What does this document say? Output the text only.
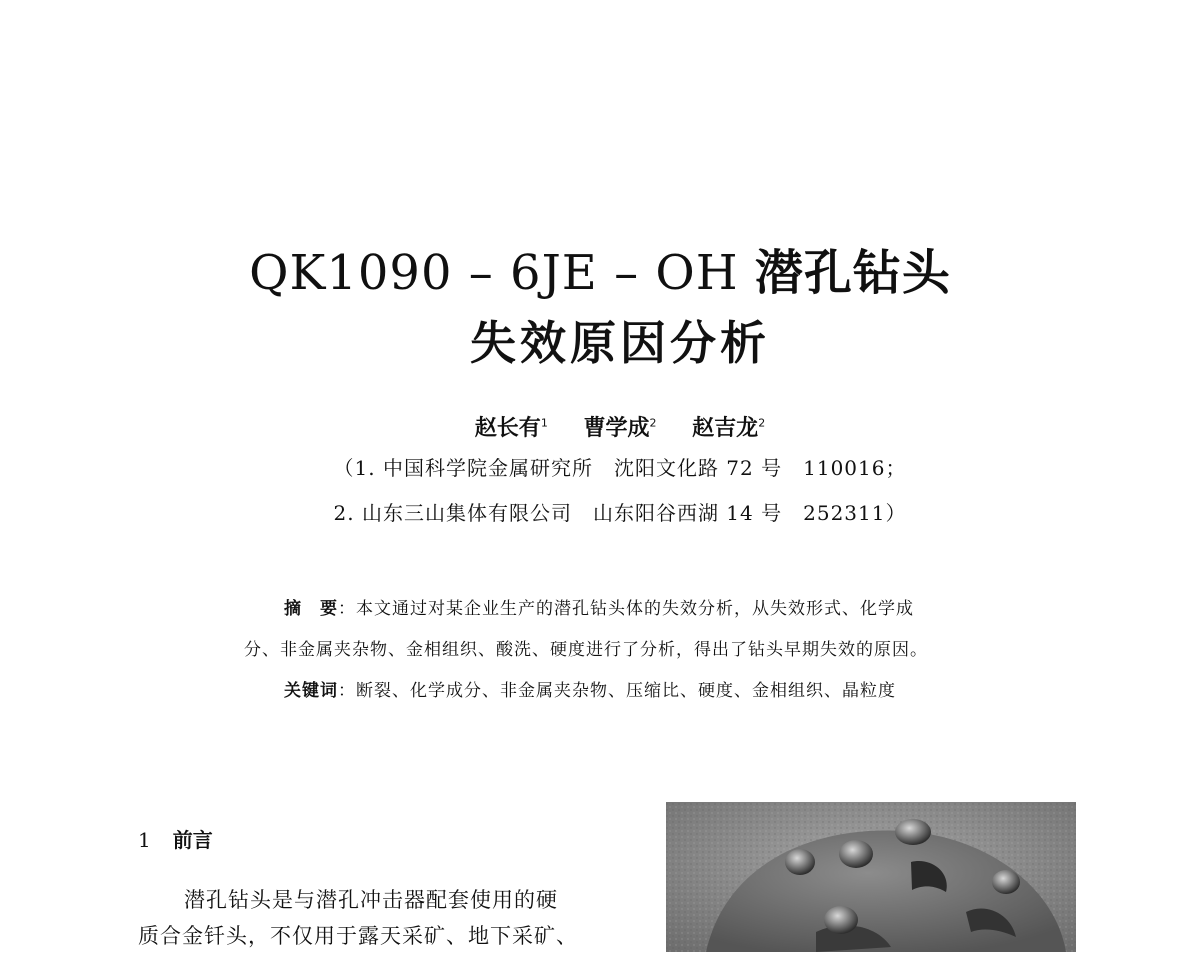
QK1090 – 6JE – OH 潜孔钻头
失效原因分析
赵长有$^1$ 曹学成$^2$ 赵吉龙$^2$
（1. 中国科学院金属研究所　沈阳文化路 72 号　110016；
2. 山东三山集体有限公司　山东阳谷西湖 14 号　252311）
摘　要：本文通过对某企业生产的潜孔钻头体的失效分析，从失效形式、化学成
分、非金属夹杂物、金相组织、酸洗、硬度进行了分析，得出了钻头早期失效的原因。
关键词：断裂、化学成分、非金属夹杂物、压缩比、硬度、金相组织、晶粒度
1 前言
潜孔钻头是与潜孔冲击器配套使用的硬
质合金钎头，不仅用于露天采矿、地下采矿、
